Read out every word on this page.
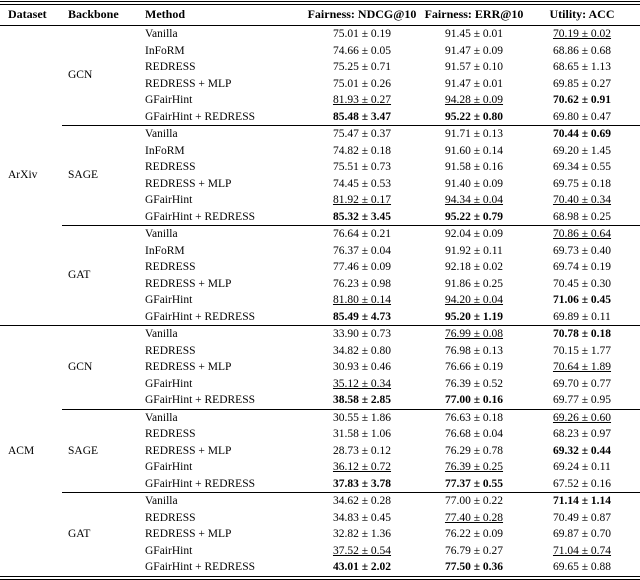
Dataset	Backbone	Method	Fairness: NDCG@10	Fairness: ERR@10	Utility: ACC
ArXiv	GCN	Vanilla	75.01 ± 0.19	91.45 ± 0.01	70.19 ± 0.02
		InFoRM	74.66 ± 0.05	91.47 ± 0.09	68.86 ± 0.68
		REDRESS	75.25 ± 0.71	91.57 ± 0.10	68.65 ± 1.13
		REDRESS + MLP	75.01 ± 0.26	91.47 ± 0.01	69.85 ± 0.27
		GFairHint	81.93 ± 0.27	94.28 ± 0.09	70.62 ± 0.91
		GFairHint + REDRESS	85.48 ± 3.47	95.22 ± 0.80	69.80 ± 0.47
	SAGE	Vanilla	75.47 ± 0.37	91.71 ± 0.13	70.44 ± 0.69
		InFoRM	74.82 ± 0.18	91.60 ± 0.14	69.20 ± 1.45
		REDRESS	75.51 ± 0.73	91.58 ± 0.16	69.34 ± 0.55
		REDRESS + MLP	74.45 ± 0.53	91.40 ± 0.09	69.75 ± 0.18
		GFairHint	81.92 ± 0.17	94.34 ± 0.04	70.40 ± 0.34
		GFairHint + REDRESS	85.32 ± 3.45	95.22 ± 0.79	68.98 ± 0.25
	GAT	Vanilla	76.64 ± 0.21	92.04 ± 0.09	70.86 ± 0.64
		InFoRM	76.37 ± 0.04	91.92 ± 0.11	69.73 ± 0.40
		REDRESS	77.46 ± 0.09	92.18 ± 0.02	69.74 ± 0.19
		REDRESS + MLP	76.23 ± 0.98	91.86 ± 0.25	70.45 ± 0.30
		GFairHint	81.80 ± 0.14	94.20 ± 0.04	71.06 ± 0.45
		GFairHint + REDRESS	85.49 ± 4.73	95.20 ± 1.19	69.89 ± 0.11
ACM	GCN	Vanilla	33.90 ± 0.73	76.99 ± 0.08	70.78 ± 0.18
		REDRESS	34.82 ± 0.80	76.98 ± 0.13	70.15 ± 1.77
		REDRESS + MLP	30.93 ± 0.46	76.66 ± 0.19	70.64 ± 1.89
		GFairHint	35.12 ± 0.34	76.39 ± 0.52	69.70 ± 0.77
		GFairHint + REDRESS	38.58 ± 2.85	77.00 ± 0.16	69.77 ± 0.95
	SAGE	Vanilla	30.55 ± 1.86	76.63 ± 0.18	69.26 ± 0.60
		REDRESS	31.58 ± 1.06	76.68 ± 0.04	68.23 ± 0.97
		REDRESS + MLP	28.73 ± 0.12	76.29 ± 0.78	69.32 ± 0.44
		GFairHint	36.12 ± 0.72	76.39 ± 0.25	69.24 ± 0.11
		GFairHint + REDRESS	37.83 ± 3.78	77.37 ± 0.55	67.52 ± 0.16
	GAT	Vanilla	34.62 ± 0.28	77.00 ± 0.22	71.14 ± 1.14
		REDRESS	34.83 ± 0.45	77.40 ± 0.28	70.49 ± 0.87
		REDRESS + MLP	32.82 ± 1.36	76.22 ± 0.09	69.87 ± 0.70
		GFairHint	37.52 ± 0.54	76.79 ± 0.27	71.04 ± 0.74
		GFairHint + REDRESS	43.01 ± 2.02	77.50 ± 0.36	69.65 ± 0.88
